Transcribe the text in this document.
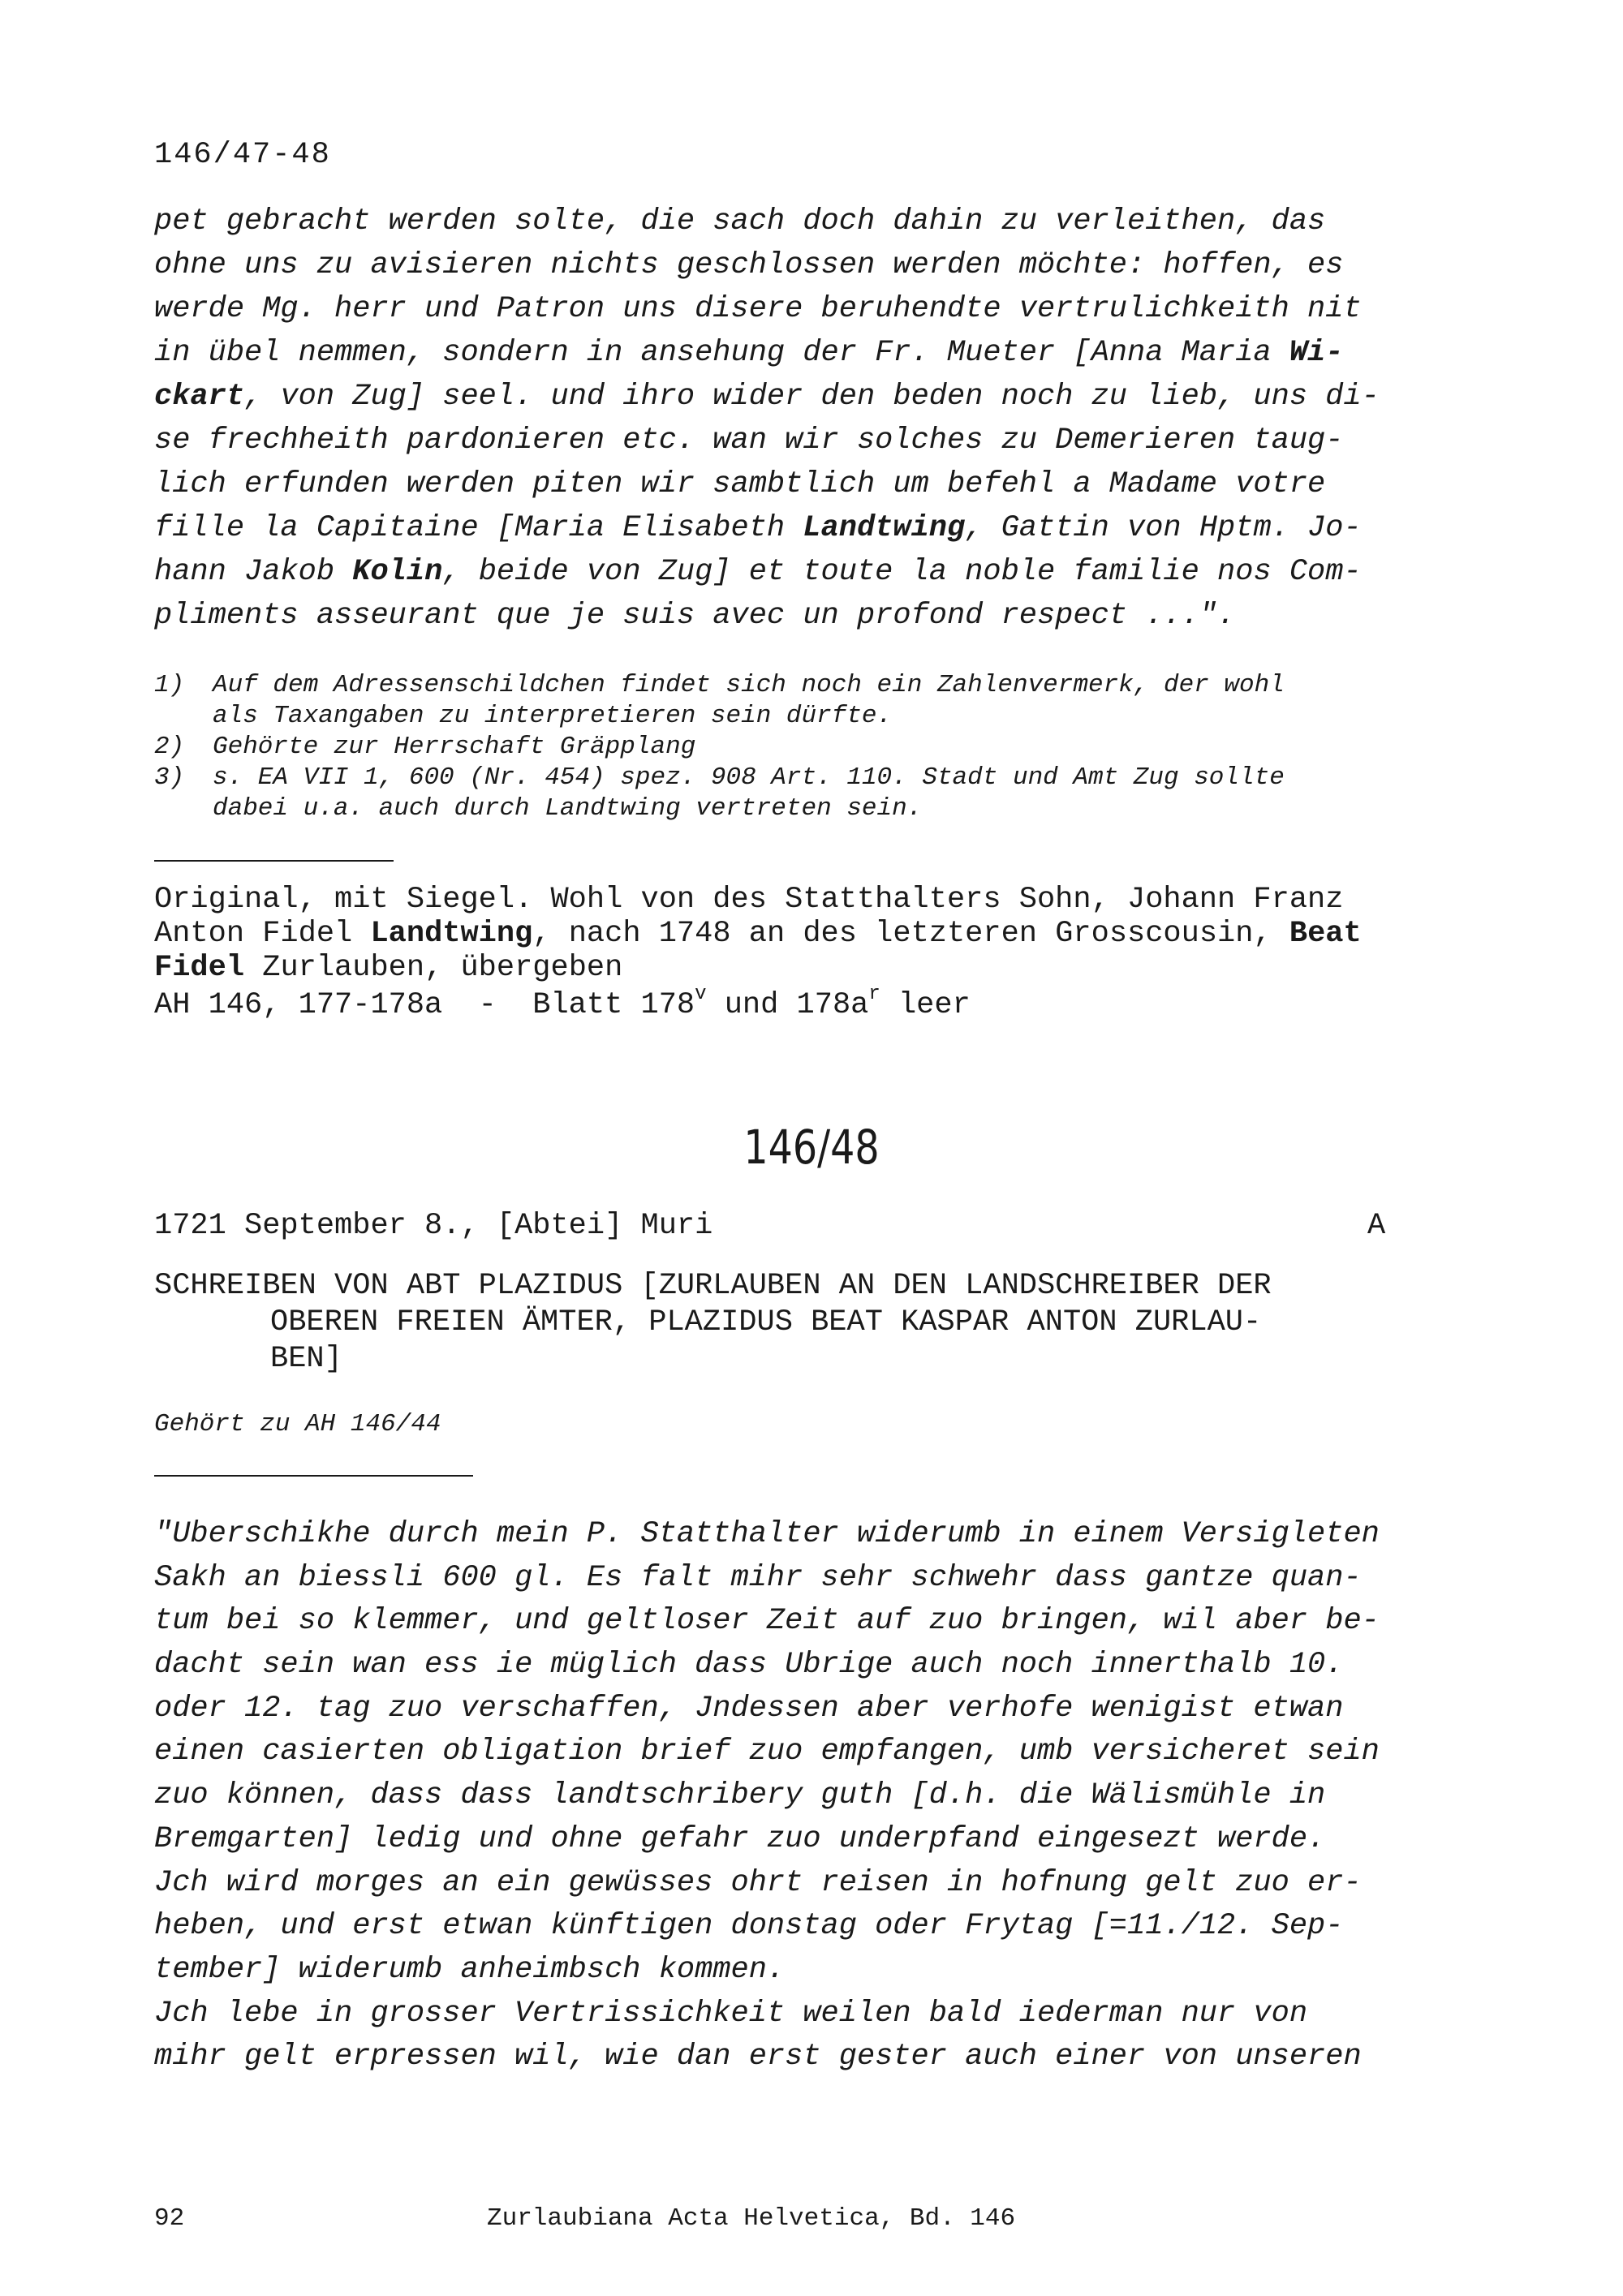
146/47-48
pet gebracht werden solte, die sach doch dahin zu verleithen, das
ohne uns zu avisieren nichts geschlossen werden möchte: hoffen, es
werde Mg. herr und Patron uns disere beruhendte vertrulichkeith nit
in übel nemmen, sondern in ansehung der Fr. Mueter [Anna Maria Wi-
ckart, von Zug] seel. und ihro wider den beden noch zu lieb, uns di-
se frechheith pardonieren etc. wan wir solches zu Demerieren taug-
lich erfunden werden piten wir sambtlich um befehl a Madame votre
fille la Capitaine [Maria Elisabeth Landtwing, Gattin von Hptm. Jo-
hann Jakob Kolin, beide von Zug] et toute la noble familie nos Com-
pliments asseurant que je suis avec un profond respect ...".
1)	Auf dem Adressenschildchen findet sich noch ein Zahlenvermerk, der wohl
als Taxangaben zu interpretieren sein dürfte.
2)	Gehörte zur Herrschaft Gräpplang
3)	s. EA VII 1, 600 (Nr. 454) spez. 908 Art. 110. Stadt und Amt Zug sollte
dabei u.a. auch durch Landtwing vertreten sein.
Original, mit Siegel. Wohl von des Statthalters Sohn, Johann Franz
Anton Fidel Landtwing, nach 1748 an des letzteren Grosscousin, Beat
Fidel Zurlauben, übergeben
AH 146, 177-178a  -  Blatt 178$^v$ und $178a^r$ leer
146/48
1721 September 8., [Abtei] Muri	A
SCHREIBEN VON ABT PLAZIDUS [ZURLAUBEN AN DEN LANDSCHREIBER DER
OBEREN FREIEN ÄMTER, PLAZIDUS BEAT KASPAR ANTON ZURLAU-
BEN]
Gehört zu AH 146/44
"Uberschikhe durch mein P. Statthalter widerumb in einem Versigleten
Sakh an biessli 600 gl. Es falt mihr sehr schwehr dass gantze quan-
tum bei so klemmer, und geltloser Zeit auf zuo bringen, wil aber be-
dacht sein wan ess ie müglich dass Ubrige auch noch innerthalb 10.
oder 12. tag zuo verschaffen, Jndessen aber verhofe wenigist etwan
einen casierten obligation brief zuo empfangen, umb versicheret sein
zuo können, dass dass landtschribery guth [d.h. die Wälismühle in
Bremgarten] ledig und ohne gefahr zuo underpfand eingesezt werde.
Jch wird morges an ein gewüsses ohrt reisen in hofnung gelt zuo er-
heben, und erst etwan künftigen donstag oder Frytag [=11./12. Sep-
tember] widerumb anheimbsch kommen.
Jch lebe in grosser Vertrissichkeit weilen bald iederman nur von
mihr gelt erpressen wil, wie dan erst gester auch einer von unseren
92	Zurlaubiana Acta Helvetica, Bd. 146
